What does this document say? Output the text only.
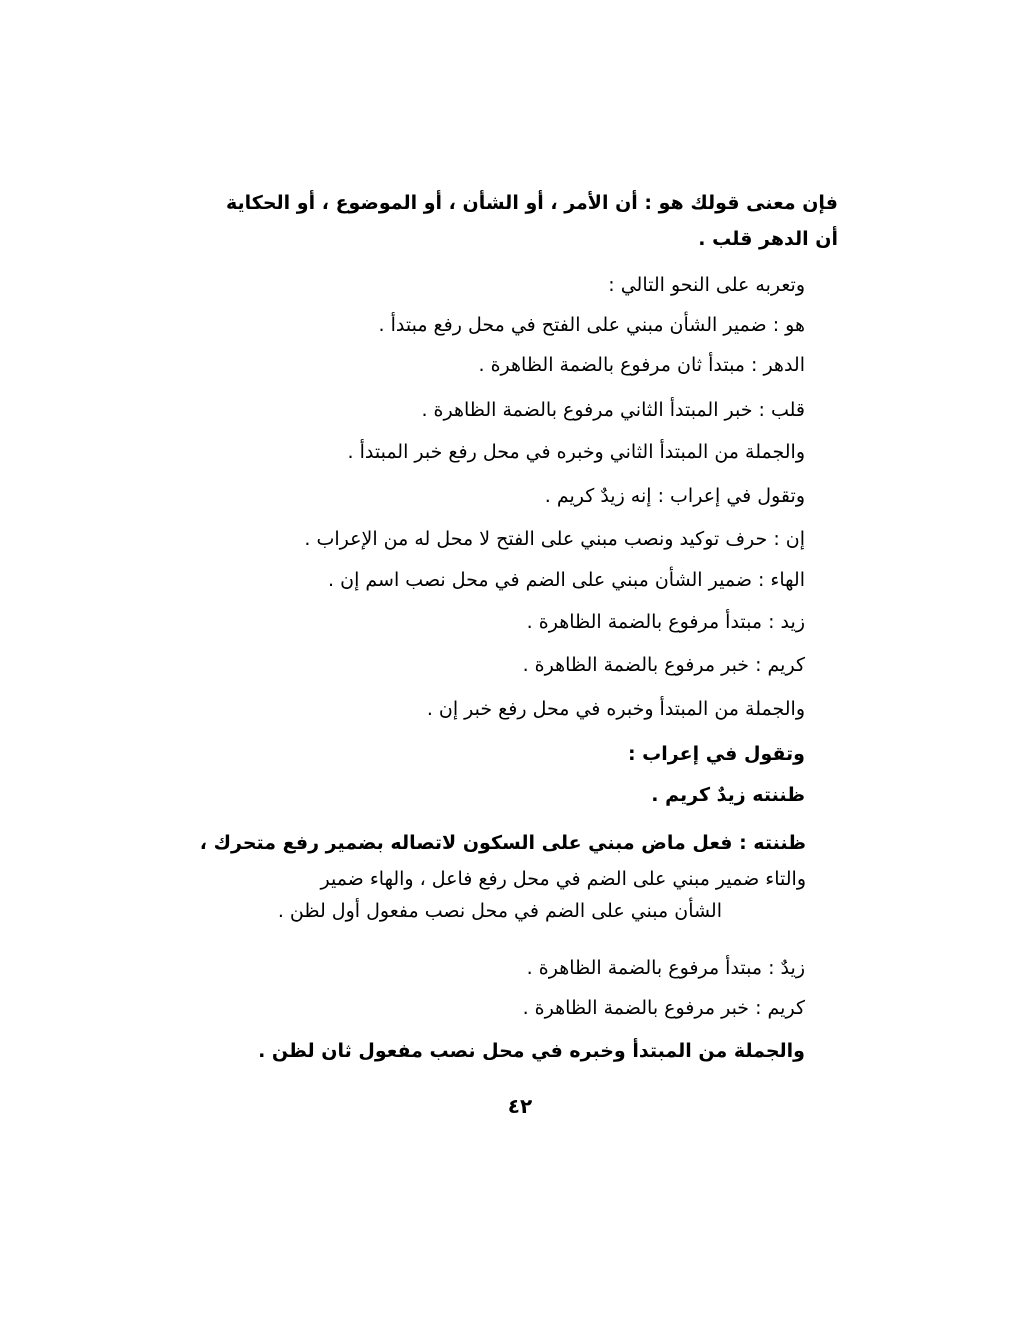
فإن معنى قولك هو : أن الأمر ، أو الشأن ، أو الموضوع ، أو الحكاية
أن الدهر قلب .
وتعربه على النحو التالي :
هو : ضمير الشأن مبني على الفتح في محل رفع مبتدأ .
الدهر : مبتدأ ثان مرفوع بالضمة الظاهرة .
قلب : خبر المبتدأ الثاني مرفوع بالضمة الظاهرة .
والجملة من المبتدأ الثاني وخبره في محل رفع خبر المبتدأ .
وتقول في إعراب : إنه زيدٌ كريم .
إن : حرف توكيد ونصب مبني على الفتح لا محل له من الإعراب .
الهاء : ضمير الشأن مبني على الضم في محل نصب اسم إن .
زيد : مبتدأ مرفوع بالضمة الظاهرة .
كريم : خبر مرفوع بالضمة الظاهرة .
والجملة من المبتدأ وخبره في محل رفع خبر إن .
وتقول في إعراب :
ظننته زيدٌ كريم .
ظننته : فعل ماض مبني على السكون لاتصاله بضمير رفع متحرك ،
والتاء ضمير مبني على الضم في محل رفع فاعل ، والهاء ضمير
الشأن مبني على الضم في محل نصب مفعول أول لظن .
زيدٌ : مبتدأ مرفوع بالضمة الظاهرة .
كريم : خبر مرفوع بالضمة الظاهرة .
والجملة من المبتدأ وخبره في محل نصب مفعول ثان لظن .
٤٢
